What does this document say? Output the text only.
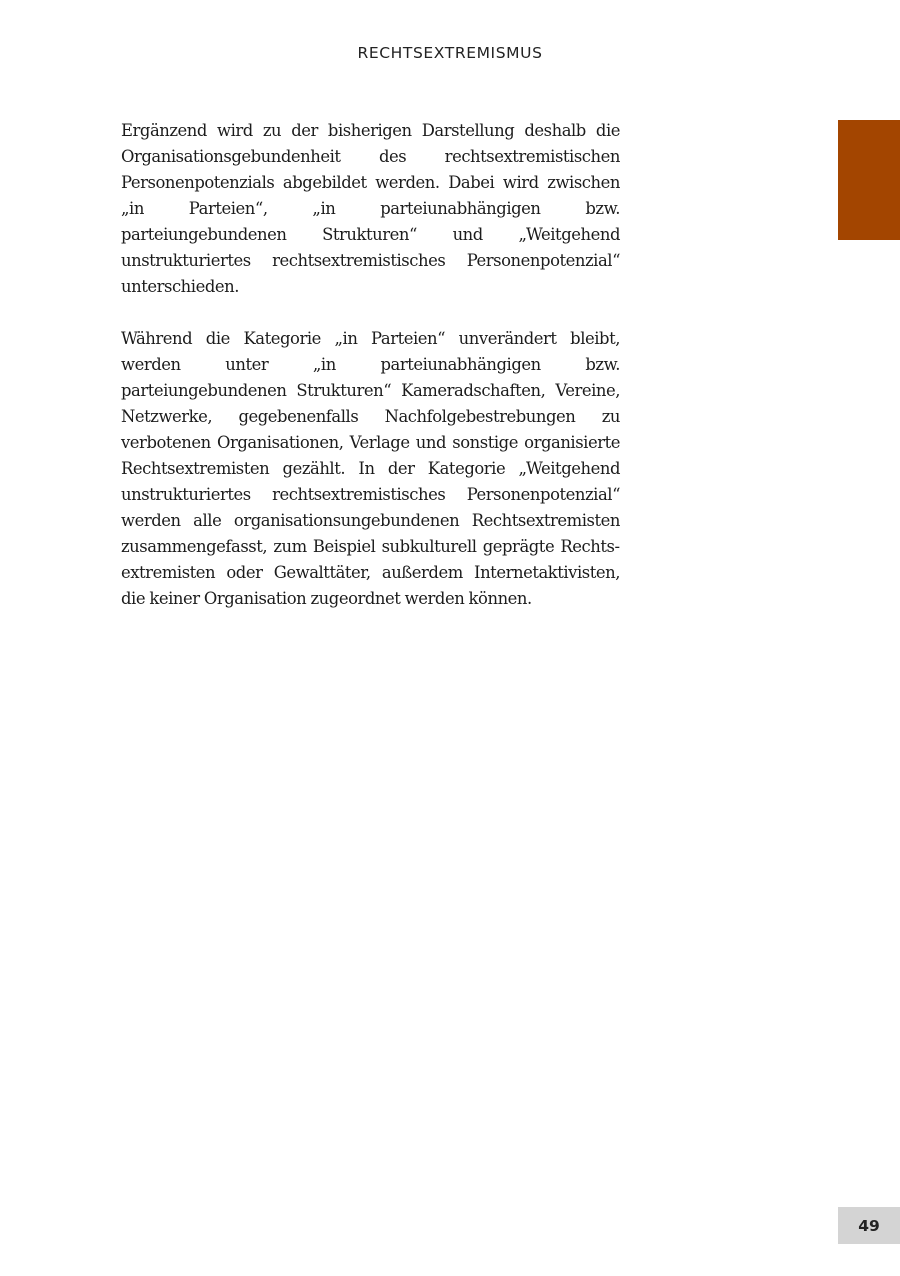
RECHTSEXTREMISMUS

Ergänzend wird zu der bisherigen Darstellung deshalb die Organisationsgebundenheit des rechtsextremistischen Personenpotenzials abgebildet werden. Dabei wird zwischen „in Parteien“, „in parteiunabhängigen bzw. parteiungebundenen Strukturen“ und „Weitgehend unstrukturiertes rechtsextremistisches Personenpotenzial“ unterschieden.

Während die Kategorie „in Parteien“ unverändert bleibt, werden unter „in parteiunabhängigen bzw. parteiungebundenen Strukturen“ Kameradschaften, Vereine, Netzwerke, gegebenenfalls Nachfolgebestrebungen zu verbotenen Organisationen, Verlage und sonstige organisierte Rechtsextremisten gezählt. In der Kategorie „Weitgehend unstrukturiertes rechtsextremistisches Personenpotenzial“ werden alle organisationsungebundenen Rechtsextremisten zusammengefasst, zum Beispiel subkulturell geprägte Rechtsextremisten oder Gewalttäter, außerdem Internetaktivisten, die keiner Organisation zugeordnet werden können.

49
